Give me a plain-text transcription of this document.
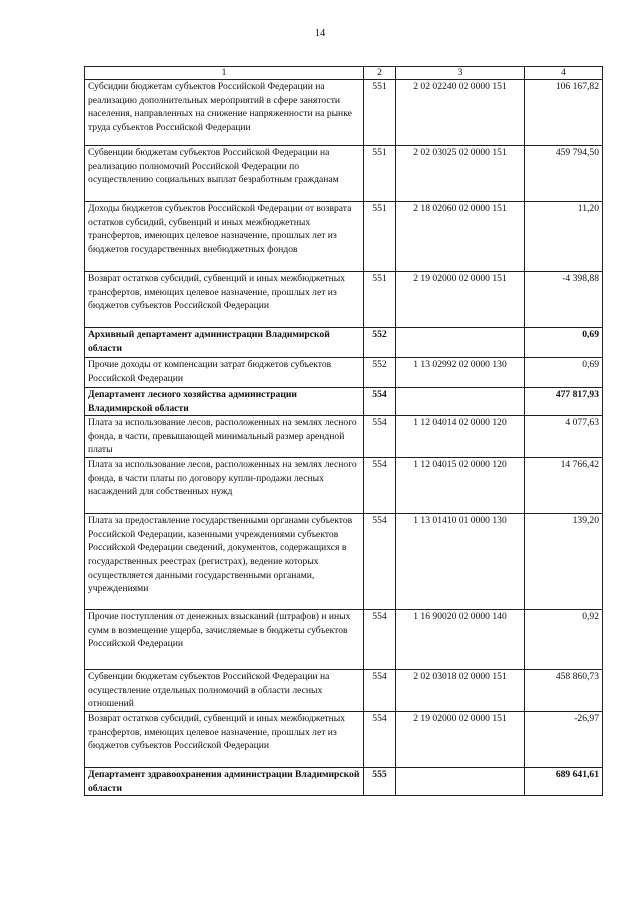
14
1	2	3	4
Субсидии бюджетам субъектов Российской Федерации на реализацию дополнительных мероприятий в сфере занятости населения, направленных на снижение напряженности на рынке труда субъектов Российской Федерации	551	2 02 02240 02 0000 151	106 167,82
Субвенции бюджетам субъектов Российской Федерации на реализацию полномочий Российской Федерации по осуществлению социальных выплат безработным гражданам	551	2 02 03025 02 0000 151	459 794,50
Доходы бюджетов субъектов Российской Федерации от возврата остатков субсидий, субвенций и иных межбюджетных трансфертов, имеющих целевое назначение, прошлых лет из бюджетов государственных внебюджетных фондов	551	2 18 02060 02 0000 151	11,20
Возврат остатков субсидий, субвенций и иных межбюджетных трансфертов, имеющих целевое назначение, прошлых лет из бюджетов субъектов Российской Федерации	551	2 19 02000 02 0000 151	-4 398,88
Архивный департамент администрации Владимирской области	552		0,69
Прочие доходы от компенсации затрат бюджетов субъектов Российской Федерации	552	1 13 02992 02 0000 130	0,69
Департамент лесного хозяйства администрации Владимирской области	554		477 817,93
Плата за использование лесов, расположенных на землях лесного фонда, в части, превышающей минимальный размер арендной платы	554	1 12 04014 02 0000 120	4 077,63
Плата за использование лесов, расположенных на землях лесного фонда, в части платы по договору купли-продажи лесных насаждений для собственных нужд	554	1 12 04015 02 0000 120	14 766,42
Плата за предоставление государственными органами субъектов Российской Федерации, казенными учреждениями субъектов Российской Федерации сведений, документов, содержащихся в государственных реестрах (регистрах), ведение которых осуществляется данными государственными органами, учреждениями	554	1 13 01410 01 0000 130	139,20
Прочие поступления от денежных взысканий (штрафов) и иных сумм в возмещение ущерба, зачисляемые в бюджеты субъектов Российской Федерации	554	1 16 90020 02 0000 140	0,92
Субвенции бюджетам субъектов Российской Федерации на осуществление отдельных полномочий в области лесных отношений	554	2 02 03018 02 0000 151	458 860,73
Возврат остатков субсидий, субвенций и иных межбюджетных трансфертов, имеющих целевое назначение, прошлых лет из бюджетов субъектов Российской Федерации	554	2 19 02000 02 0000 151	-26,97
Департамент здравоохранения администрации Владимирской области	555		689 641,61
